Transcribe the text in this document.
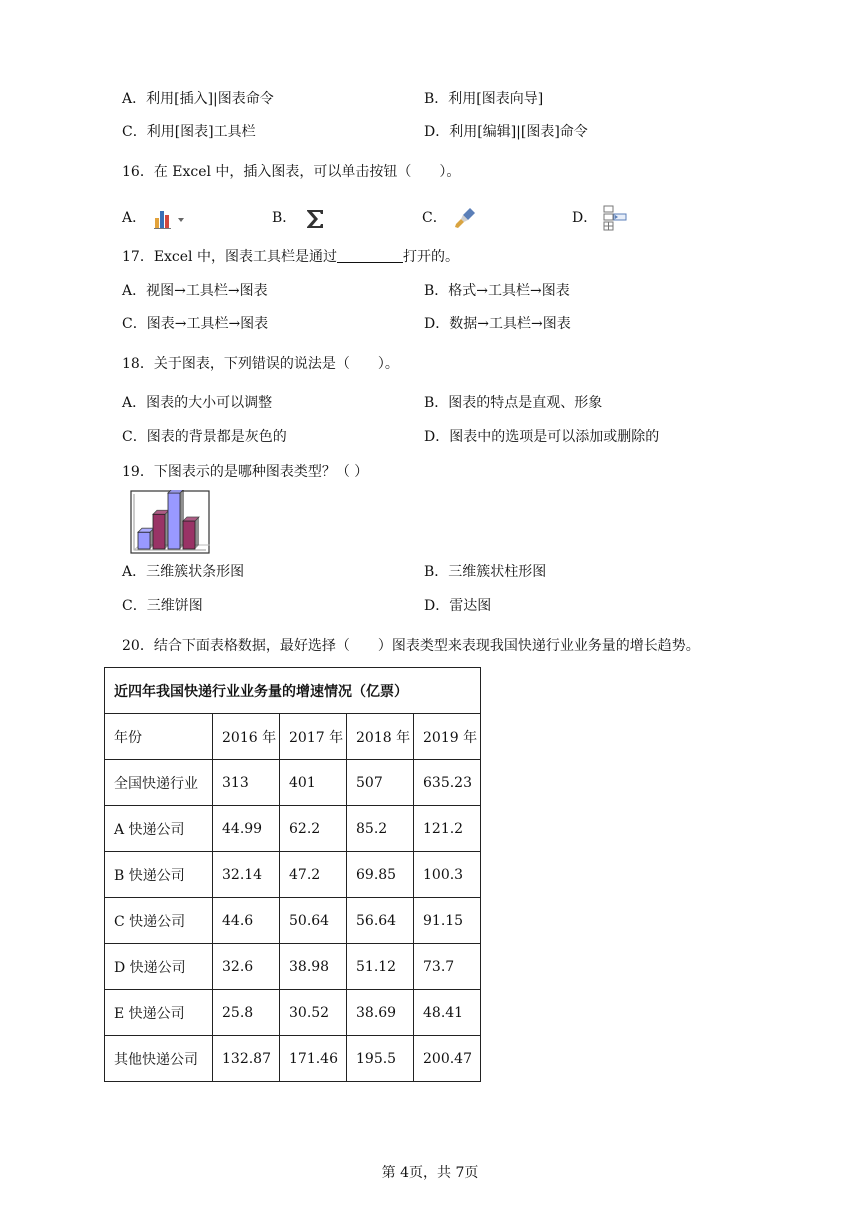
A．利用[插入]|图表命令	B．利用[图表向导]
C．利用[图表]工具栏	D．利用[编辑]|[图表]命令
16．在 Excel 中，插入图表，可以单击按钮（　　）。
A．	B．	C．	D．
17．Excel 中，图表工具栏是通过	打开的。
A．视图→工具栏→图表	B．格式→工具栏→图表
C．图表→工具栏→图表	D．数据→工具栏→图表
18．关于图表，下列错误的说法是（　　）。
A．图表的大小可以调整	B．图表的特点是直观、形象
C．图表的背景都是灰色的	D．图表中的选项是可以添加或删除的
19．下图表示的是哪种图表类型？（ ）
A．三维簇状条形图	B．三维簇状柱形图
C．三维饼图	D．雷达图
20．结合下面表格数据，最好选择（　　）图表类型来表现我国快递行业业务量的增长趋势。
近四年我国快递行业业务量的增速情况（亿票）				
年份	2016 年	2017 年	2018 年	2019 年
全国快递行业	313	401	507	635.23
A 快递公司	44.99	62.2	85.2	121.2
B 快递公司	32.14	47.2	69.85	100.3
C 快递公司	44.6	50.64	56.64	91.15
D 快递公司	32.6	38.98	51.12	73.7
E 快递公司	25.8	30.52	38.69	48.41
其他快递公司	132.87	171.46	195.5	200.47
第 4页，共 7页
